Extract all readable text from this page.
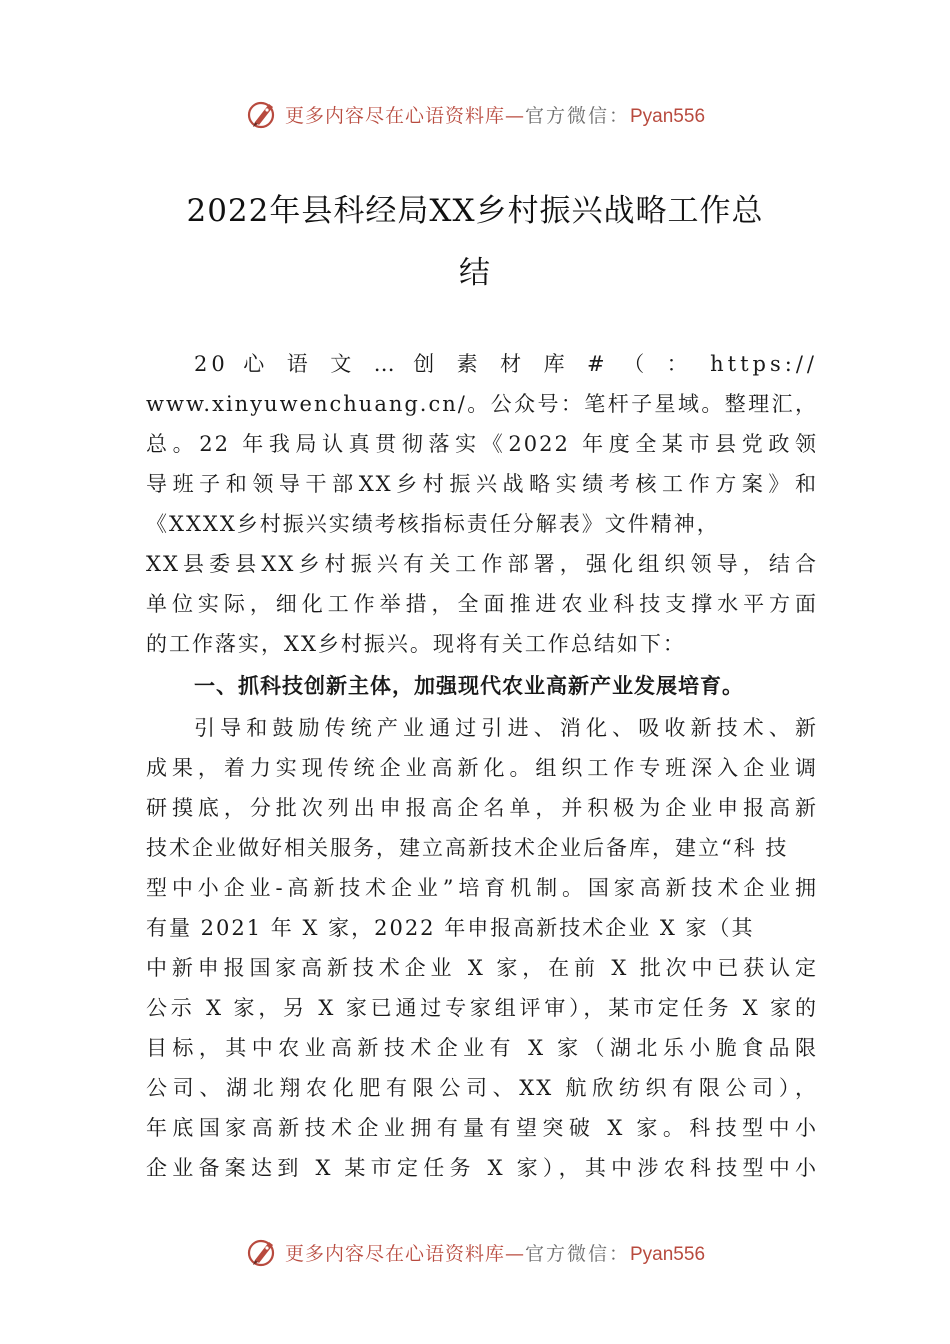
更多内容尽在心语资料库—官方微信：Pyan556
2022年县科经局XX乡村振兴战略工作总
结
20 心 语 文 … 创 素 材 库 # （ ： https://
www.xinyuwenchuang.cn/。公众号：笔杆子星域。整理汇，
总。22 年我局认真贯彻落实《2022 年度全某市县党政领
导班子和领导干部XX乡村振兴战略实绩考核工作方案》和
《XXXX乡村振兴实绩考核指标责任分解表》文件精神，
XX县委县XX乡村振兴有关工作部署，强化组织领导，结合
单位实际，细化工作举措，全面推进农业科技支撑水平方面
的工作落实，XX乡村振兴。现将有关工作总结如下：
一、抓科技创新主体，加强现代农业高新产业发展培育。
引导和鼓励传统产业通过引进、消化、吸收新技术、新
成果，着力实现传统企业高新化。组织工作专班深入企业调
研摸底，分批次列出申报高企名单，并积极为企业申报高新
技术企业做好相关服务，建立高新技术企业后备库，建立“科 技
型中小企业-高新技术企业”培育机制。国家高新技术企业拥
有量 2021 年 X 家，2022 年申报高新技术企业 X 家（其
中新申报国家高新技术企业 X 家，在前 X 批次中已获认定
公示 X 家，另 X 家已通过专家组评审），某市定任务 X 家的
目标，其中农业高新技术企业有 X 家（湖北乐小脆食品限
公司、湖北翔农化肥有限公司、XX 航欣纺织有限公司），
年底国家高新技术企业拥有量有望突破 X 家。科技型中小
企业备案达到 X 某市定任务 X 家），其中涉农科技型中小
更多内容尽在心语资料库—官方微信：Pyan556
